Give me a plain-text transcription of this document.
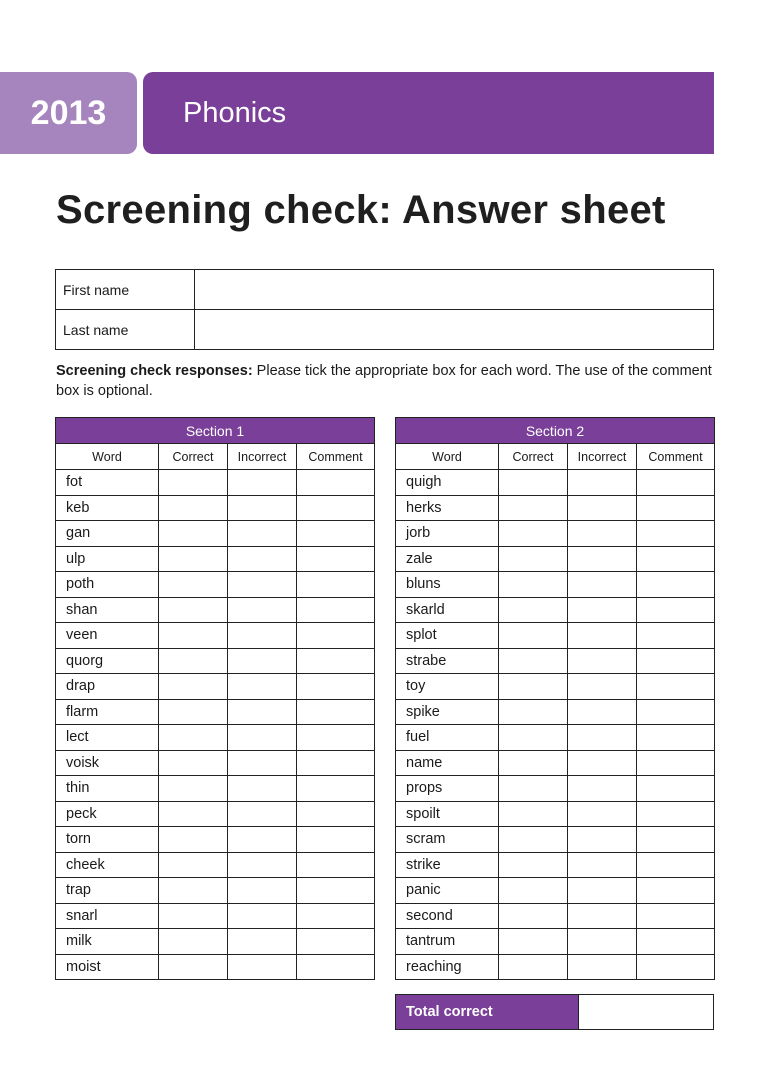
2013	Phonics
Screening check: Answer sheet
First name	
Last name	

Screening check responses: Please tick the appropriate box for each word. The use of the comment box is optional.

Section 1			
Word	Correct	Incorrect	Comment
fot			
keb			
gan			
ulp			
poth			
shan			
veen			
quorg			
drap			
flarm			
lect			
voisk			
thin			
peck			
torn			
cheek			
trap			
snarl			
milk			
moist			
Section 2			
Word	Correct	Incorrect	Comment
quigh			
herks			
jorb			
zale			
bluns			
skarld			
splot			
strabe			
toy			
spike			
fuel			
name			
props			
spoilt			
scram			
strike			
panic			
second			
tantrum			
reaching			
Total correct	
